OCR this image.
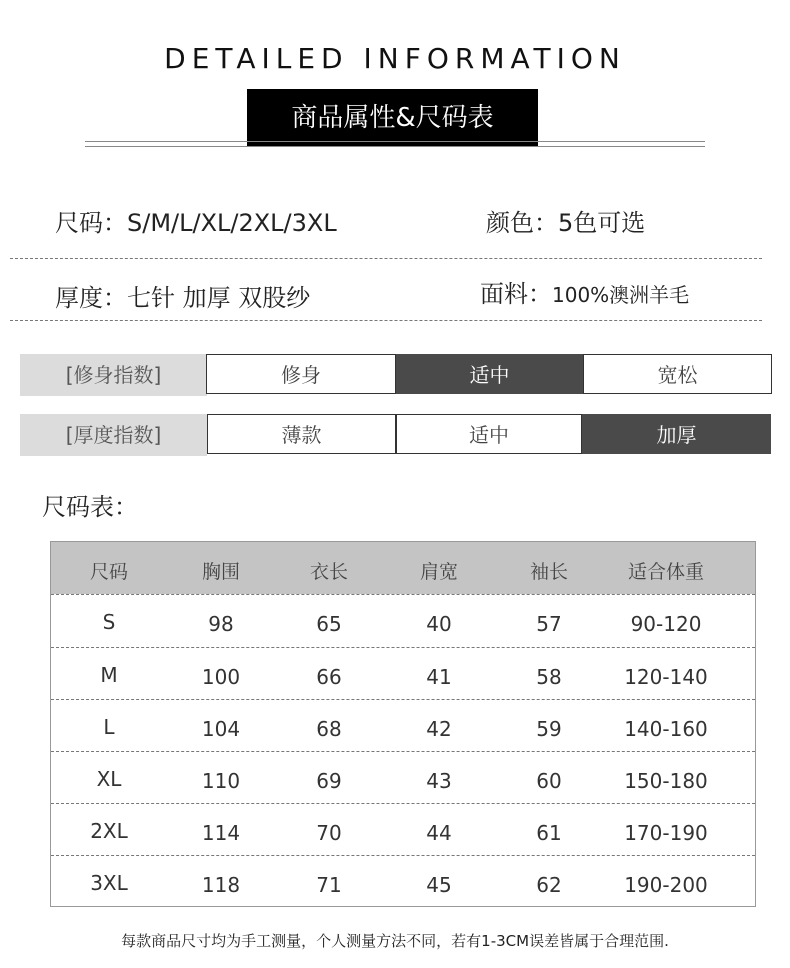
DETAILED INFORMATION
商品属性&尺码表
尺码：S/M/L/XL/2XL/3XL	颜色：5色可选
厚度：七针 加厚 双股纱	面料：100%澳洲羊毛
[修身指数]	修身	适中	宽松
[厚度指数]	薄款	适中	加厚
尺码表：
尺码	胸围	衣长	肩宽	袖长	适合体重
S	98	65	40	57	90-120
M	100	66	41	58	120-140
L	104	68	42	59	140-160
XL	110	69	43	60	150-180
2XL	114	70	44	61	170-190
3XL	118	71	45	62	190-200
每款商品尺寸均为手工测量，个人测量方法不同，若有1-3CM误差皆属于合理范围.
